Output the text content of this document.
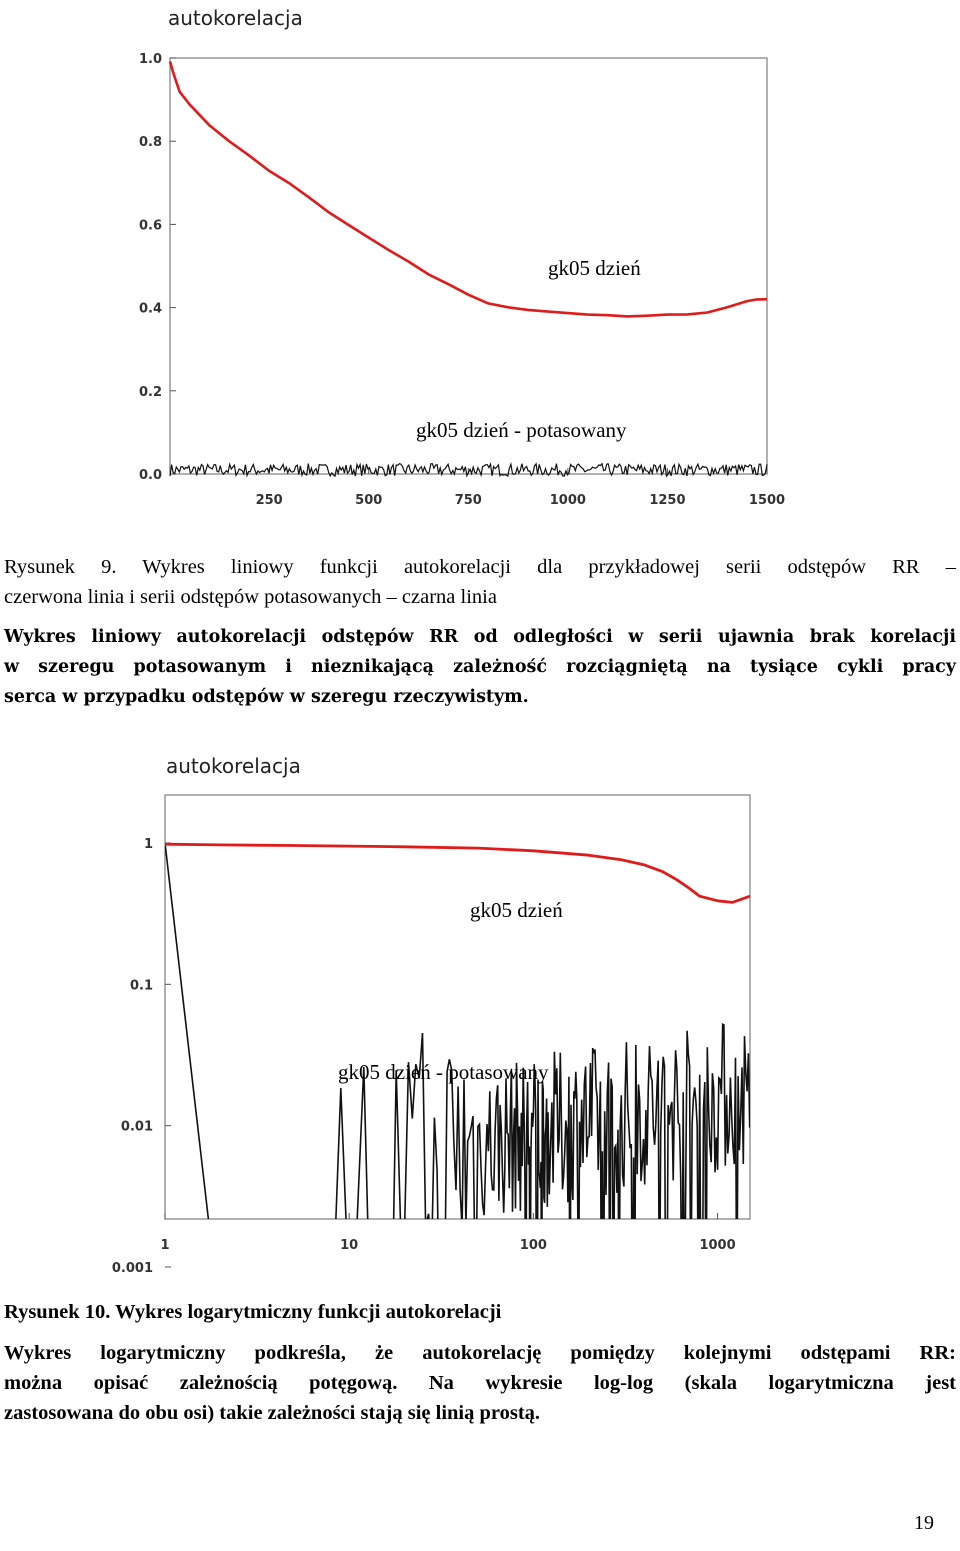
autokorelacja
0.0
0.2
0.4
0.6
0.8
1.0
250	500	750	1000	1250	1500
gk05 dzień
gk05 dzień - potasowany
Rysunek 9. Wykres liniowy funkcji autokorelacji dla przykładowej serii odstępów RR –
czerwona linia i serii odstępów potasowanych – czarna linia
Wykres liniowy autokorelacji odstępów RR od odległości w serii ujawnia brak korelacji
w szeregu potasowanym i nieznikającą zależność rozciągniętą na tysiące cykli pracy
serca w przypadku odstępów w szeregu rzeczywistym.
autokorelacja
0.001
0.01
0.1
1
1	10	100	1000
gk05 dzień
gk05 dzień - potasowany
Rysunek 10. Wykres logarytmiczny funkcji autokorelacji
Wykres logarytmiczny podkreśla, że autokorelację pomiędzy kolejnymi odstępami RR:
można opisać zależnością potęgową. Na wykresie log-log (skala logarytmiczna jest
zastosowana do obu osi) takie zależności stają się linią prostą.
19
